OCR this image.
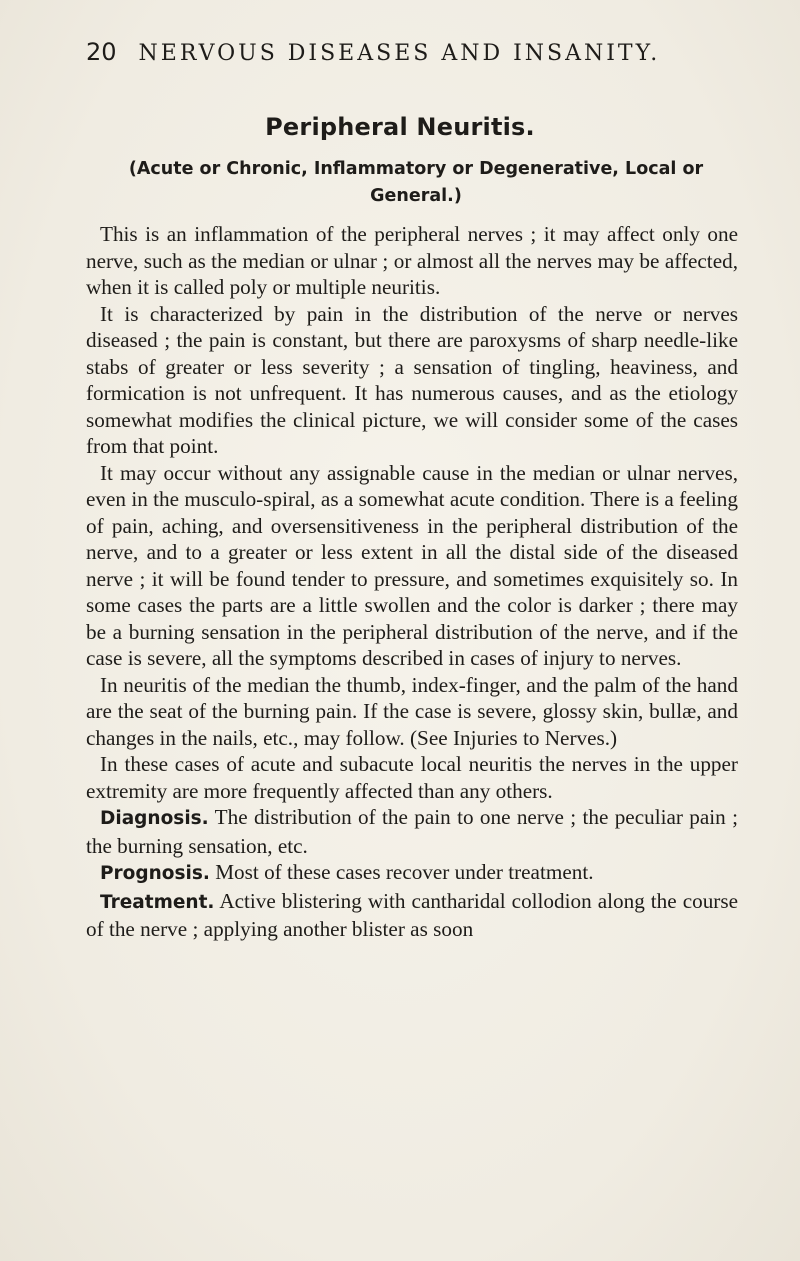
20 NERVOUS DISEASES AND INSANITY.
Peripheral Neuritis.
(Acute or Chronic, Inflammatory or Degenerative, Local or General.)

This is an inflammation of the peripheral nerves ; it may affect only one nerve, such as the median or ulnar ; or almost all the nerves may be affected, when it is called poly or multiple neuritis.

It is characterized by pain in the distribution of the nerve or nerves diseased ; the pain is constant, but there are paroxysms of sharp needle-like stabs of greater or less severity ; a sensation of tingling, heaviness, and formication is not unfrequent. It has numerous causes, and as the etiology somewhat modifies the clinical picture, we will consider some of the cases from that point.

It may occur without any assignable cause in the median or ulnar nerves, even in the musculo-spiral, as a somewhat acute condition. There is a feeling of pain, aching, and oversensitiveness in the peripheral distribution of the nerve, and to a greater or less extent in all the distal side of the diseased nerve ; it will be found tender to pressure, and sometimes exquisitely so. In some cases the parts are a little swollen and the color is darker ; there may be a burning sensation in the peripheral distribution of the nerve, and if the case is severe, all the symptoms described in cases of injury to nerves.

In neuritis of the median the thumb, index-finger, and the palm of the hand are the seat of the burning pain. If the case is severe, glossy skin, bullæ, and changes in the nails, etc., may follow. (See Injuries to Nerves.)

In these cases of acute and subacute local neuritis the nerves in the upper extremity are more frequently affected than any others.

Diagnosis. The distribution of the pain to one nerve ; the peculiar pain ; the burning sensation, etc.

Prognosis. Most of these cases recover under treatment.

Treatment. Active blistering with cantharidal collodion along the course of the nerve ; applying another blister as soon
